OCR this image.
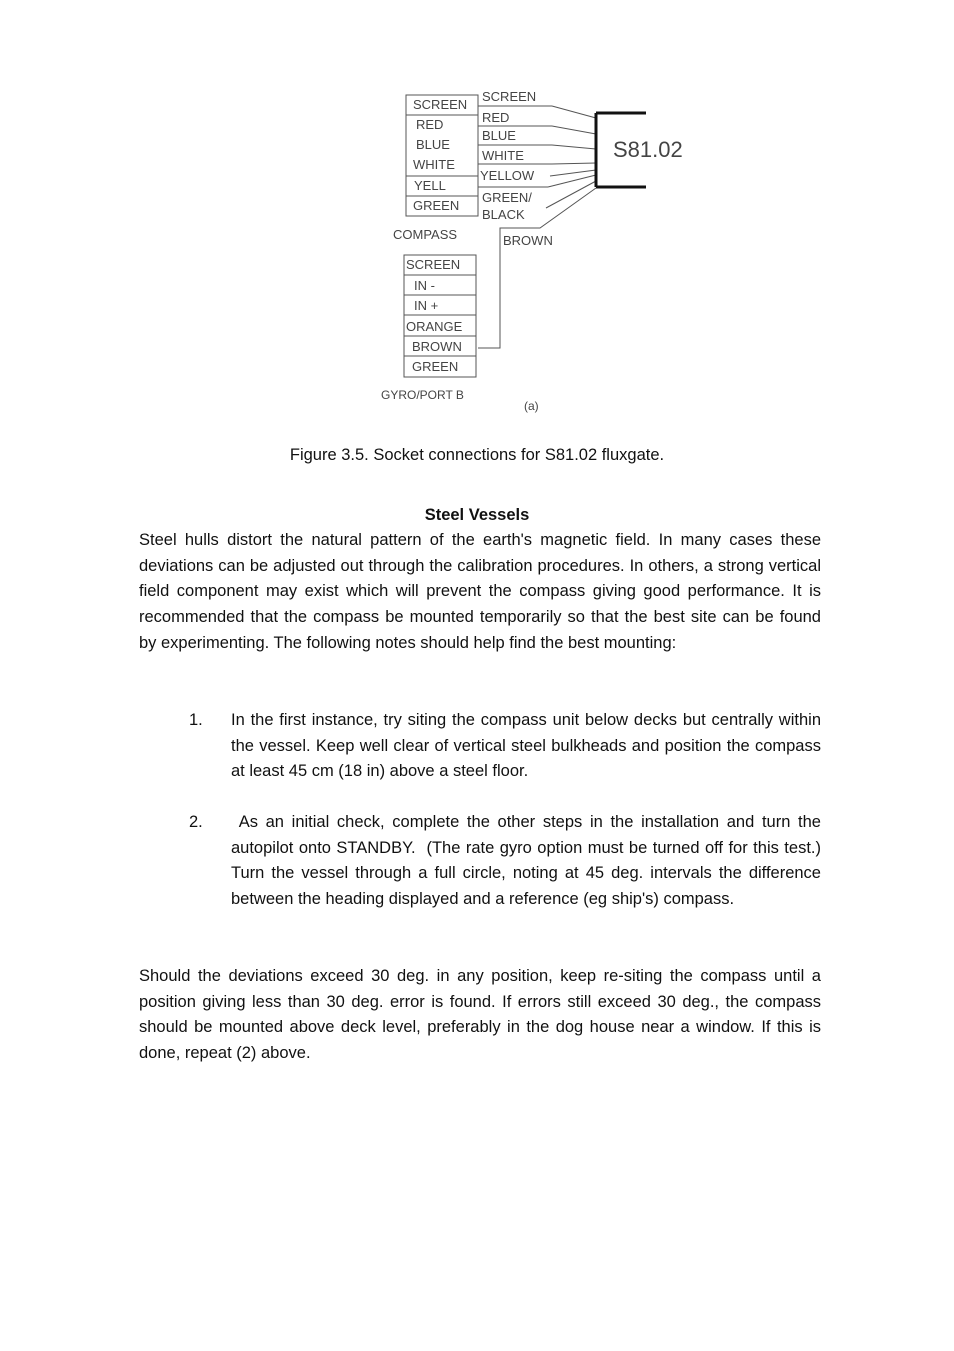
S81.02
SCREEN
RED
BLUE
WHITE
YELL
GREEN
SCREEN
RED
BLUE
WHITE
YELLOW
GREEN/
BLACK
BROWN
COMPASS
SCREEN
IN -
IN +
ORANGE
BROWN
GREEN
GYRO/PORT B
(a)
Figure 3.5. Socket connections for S81.02 fluxgate.
Steel Vessels

Steel hulls distort the natural pattern of the earth's magnetic field. In many cases these deviations can be adjusted out through the calibration procedures. In others, a strong vertical field component may exist which will prevent the compass giving good performance. It is recommended that the compass be mounted temporarily so that the best site can be found by experimenting. The following notes should help find the best mounting:

1. In the first instance, try siting the compass unit below decks but centrally within the vessel. Keep well clear of vertical steel bulkheads and position the compass at least 45 cm (18 in) above a steel floor.

2. As an initial check, complete the other steps in the installation and turn the autopilot onto STANDBY.  (The rate gyro option must be turned off for this test.) Turn the vessel through a full circle, noting at 45 deg. intervals the difference between the heading displayed and a reference (eg ship's) compass.

Should the deviations exceed 30 deg. in any position, keep re-siting the compass until a position giving less than 30 deg. error is found. If errors still exceed 30 deg., the compass should be mounted above deck level, preferably in the dog house near a window. If this is done, repeat (2) above.
